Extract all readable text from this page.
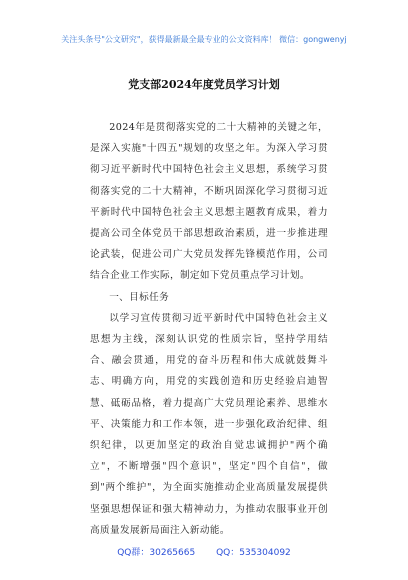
关注头条号"公文研究"，获得最新最全最专业的公文资料库！ 微信：gongwenyj
党支部2024年度党员学习计划

2024年是贯彻落实党的二十大精神的关键之年，是深入实施"十四五"规划的攻坚之年。为深入学习贯彻习近平新时代中国特色社会主义思想，系统学习贯彻落实党的二十大精神，不断巩固深化学习贯彻习近平新时代中国特色社会主义思想主题教育成果，着力提高公司全体党员干部思想政治素质，进一步推进理论武装，促进公司广大党员发挥先锋模范作用，公司结合企业工作实际，制定如下党员重点学习计划。

一、目标任务

以学习宣传贯彻习近平新时代中国特色社会主义思想为主线，深刻认识党的性质宗旨，坚持学用结合、融会贯通，用党的奋斗历程和伟大成就鼓舞斗志、明确方向，用党的实践创造和历史经验启迪智慧、砥砺品格，着力提高广大党员理论素养、思维水平、决策能力和工作本领，进一步强化政治纪律、组织纪律，以更加坚定的政治自觉忠诚拥护"两个确立"，不断增强"四个意识"，坚定"四个自信"，做到"两个维护"，为全面实施推动企业高质量发展提供坚强思想保证和强大精神动力，为推动农服事业开创高质量发展新局面注入新动能。

QQ群：30265665 QQ：535304092
